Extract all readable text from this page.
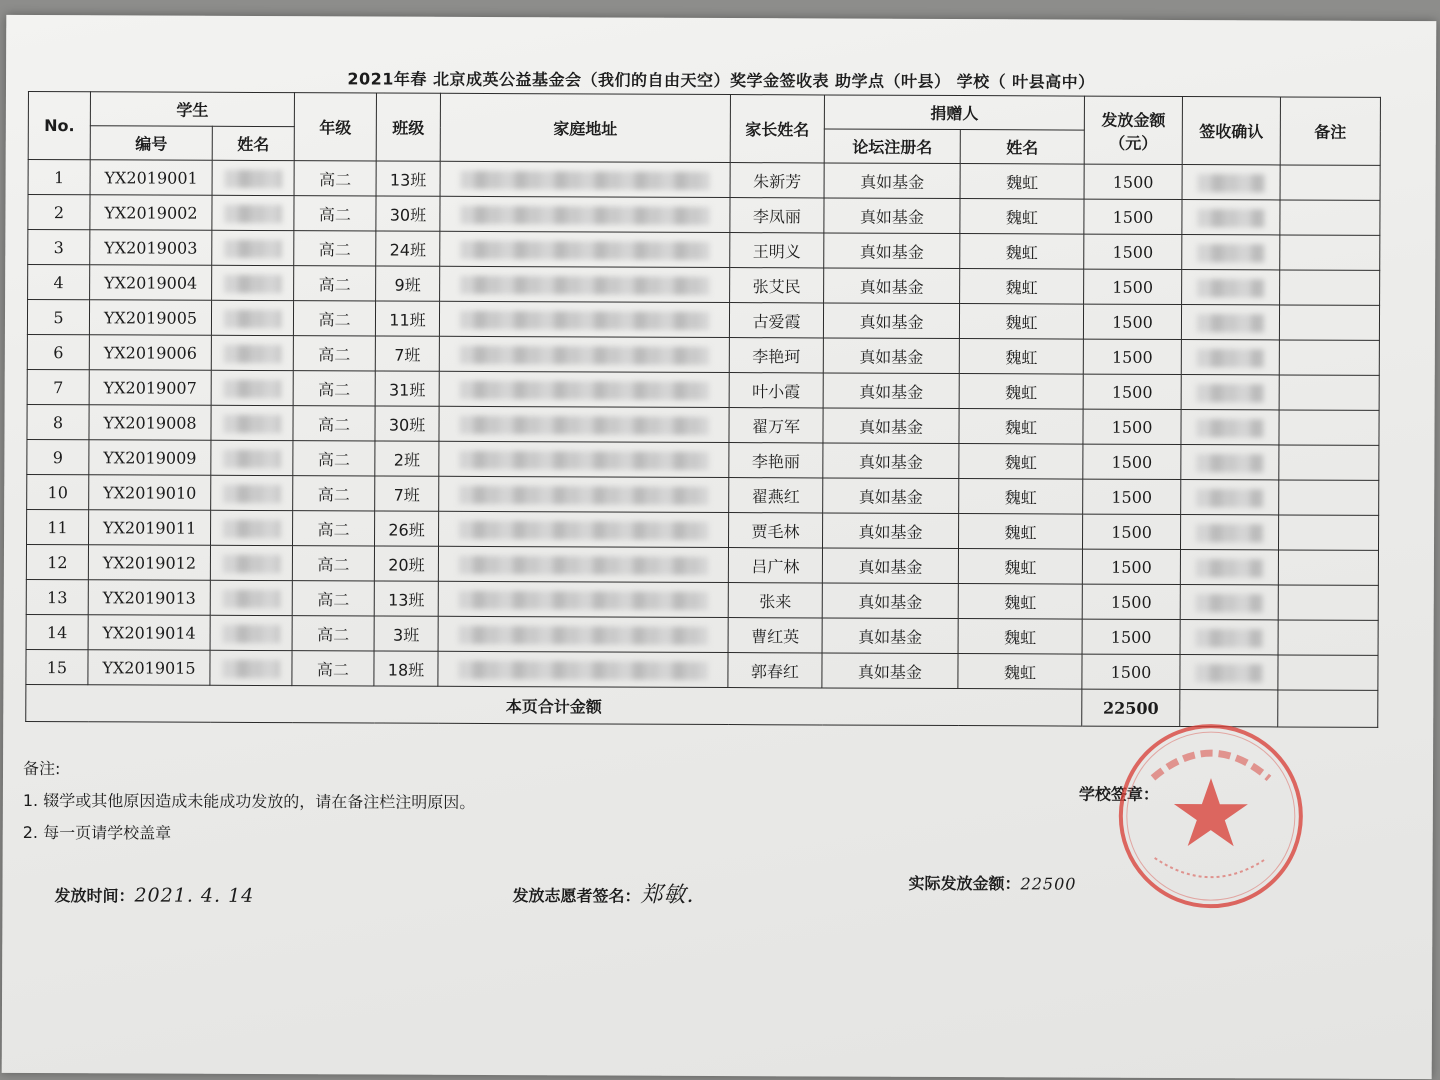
2021年春 北京成英公益基金会（我们的自由天空）奖学金签收表 助学点（叶县） 学校（ 叶县高中）
No.	学生		年级	班级	家庭地址	家长姓名	捐赠人		发放金额（元）	签收确认	备注
	编号	姓名					论坛注册名	姓名			
1	YX2019001		高二	13班		朱新芳	真如基金	魏虹	1500		
2	YX2019002		高二	30班		李凤丽	真如基金	魏虹	1500		
3	YX2019003		高二	24班		王明义	真如基金	魏虹	1500		
4	YX2019004		高二	9班		张艾民	真如基金	魏虹	1500		
5	YX2019005		高二	11班		古爱霞	真如基金	魏虹	1500		
6	YX2019006		高二	7班		李艳珂	真如基金	魏虹	1500		
7	YX2019007		高二	31班		叶小霞	真如基金	魏虹	1500		
8	YX2019008		高二	30班		翟万军	真如基金	魏虹	1500		
9	YX2019009		高二	2班		李艳丽	真如基金	魏虹	1500		
10	YX2019010		高二	7班		翟燕红	真如基金	魏虹	1500		
11	YX2019011		高二	26班		贾毛林	真如基金	魏虹	1500		
12	YX2019012		高二	20班		吕广林	真如基金	魏虹	1500		
13	YX2019013		高二	13班		张来	真如基金	魏虹	1500		
14	YX2019014		高二	3班		曹红英	真如基金	魏虹	1500		
15	YX2019015		高二	18班		郭春红	真如基金	魏虹	1500		
本页合计金额									22500		
备注:
1. 辍学或其他原因造成未能成功发放的，请在备注栏注明原因。
2. 每一页请学校盖章
发放时间：2021. 4. 14	发放志愿者签名：郑敏.	实际发放金额：22500
学校签章：
